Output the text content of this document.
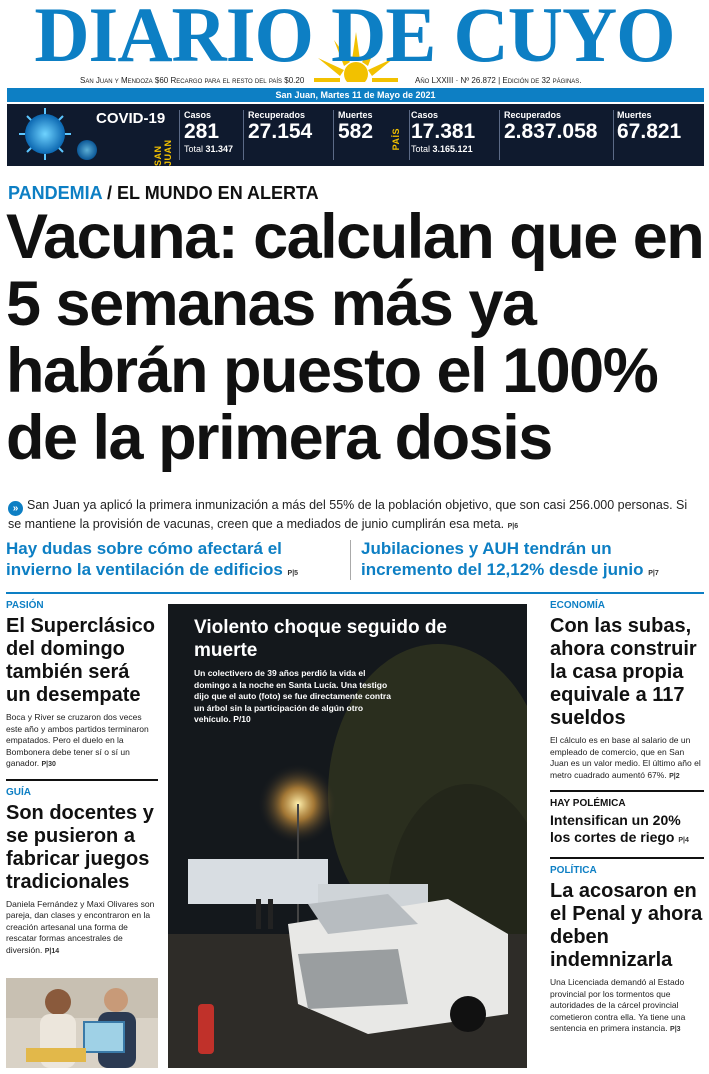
DIARIO DE CUYO
San Juan y Mendoza $60 Recargo para el resto del país $0.20	Año LXXIII · Nº 26.872 | Edición de 32 páginas.
San Juan, Martes 11 de Mayo de 2021
COVID-19
SAN JUAN
PAÍS
Casos
281
Total 31.347
Recuperados
27.154
Muertes
582
Casos
17.381
Total 3.165.121
Recuperados
2.837.058
Muertes
67.821
PANDEMIA / EL MUNDO EN ALERTA
Vacuna: calculan que en 5 semanas más ya habrán puesto el 100% de la primera dosis
» San Juan ya aplicó la primera inmunización a más del 55% de la población objetivo, que son casi 256.000 personas. Si se mantiene la provisión de vacunas, creen que a mediados de junio cumplirán esa meta. P|6
Hay dudas sobre cómo afectará el invierno la ventilación de edificios P|5
Jubilaciones y AUH tendrán un incremento del 12,12% desde junio P|7
PASIÓN
El Superclásico del domingo también será un desempate
Boca y River se cruzaron dos veces este año y ambos partidos terminaron empatados. Pero el duelo en la Bombonera debe tener sí o sí un ganador. P|30
GUÍA
Son docentes y se pusieron a fabricar juegos tradicionales
Daniela Fernández y Maxi Olivares son pareja, dan clases y encontraron en la creación artesanal una forma de rescatar formas ancestrales de diversión. P|14
Violento choque seguido de muerte
Un colectivero de 39 años perdió la vida el domingo a la noche en Santa Lucía. Una testigo dijo que el auto (foto) se fue directamente contra un árbol sin la participación de algún otro vehículo. P/10
ECONOMÍA
Con las subas, ahora construir la casa propia equivale a 117 sueldos
El cálculo es en base al salario de un empleado de comercio, que en San Juan es un valor medio. El último año el metro cuadrado aumentó 67%. P|2
HAY POLÉMICA
Intensifican un 20% los cortes de riego P|4
POLÍTICA
La acosaron en el Penal y ahora deben indemnizarla
Una Licenciada demandó al Estado provincial por los tormentos que autoridades de la cárcel provincial cometieron contra ella. Ya tiene una sentencia en primera instancia. P|3
